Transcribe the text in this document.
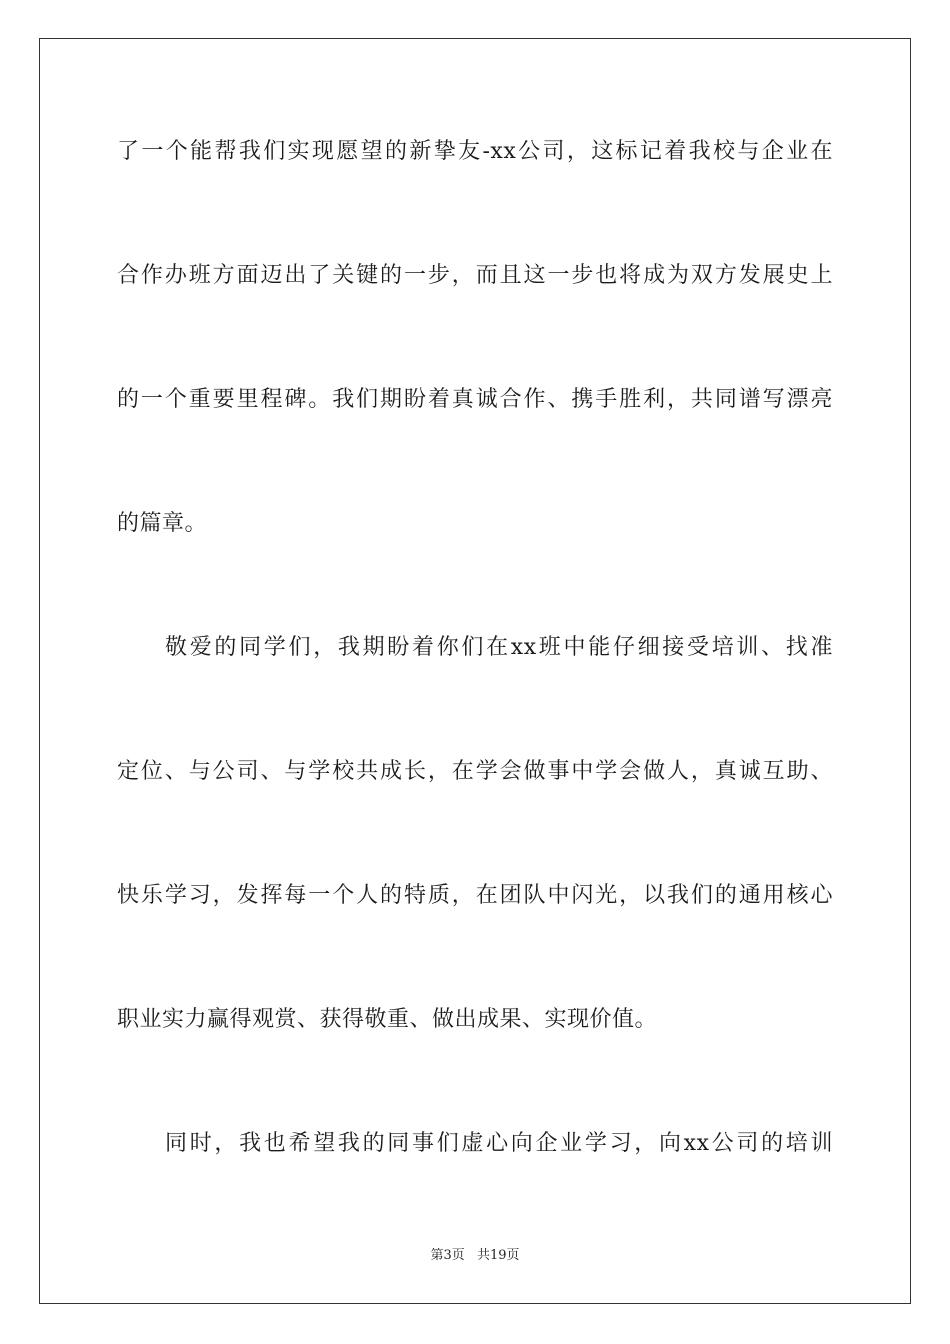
了一个能帮我们实现愿望的新挚友-xx公司，这标记着我校与企业在
合作办班方面迈出了关键的一步，而且这一步也将成为双方发展史上
的一个重要里程碑。我们期盼着真诚合作、携手胜利，共同谱写漂亮
的篇章。
敬爱的同学们，我期盼着你们在xx班中能仔细接受培训、找准
定位、与公司、与学校共成长，在学会做事中学会做人，真诚互助、
快乐学习，发挥每一个人的特质，在团队中闪光，以我们的通用核心
职业实力赢得观赏、获得敬重、做出成果、实现价值。
同时，我也希望我的同事们虚心向企业学习，向xx公司的培训
第3页 共19页
